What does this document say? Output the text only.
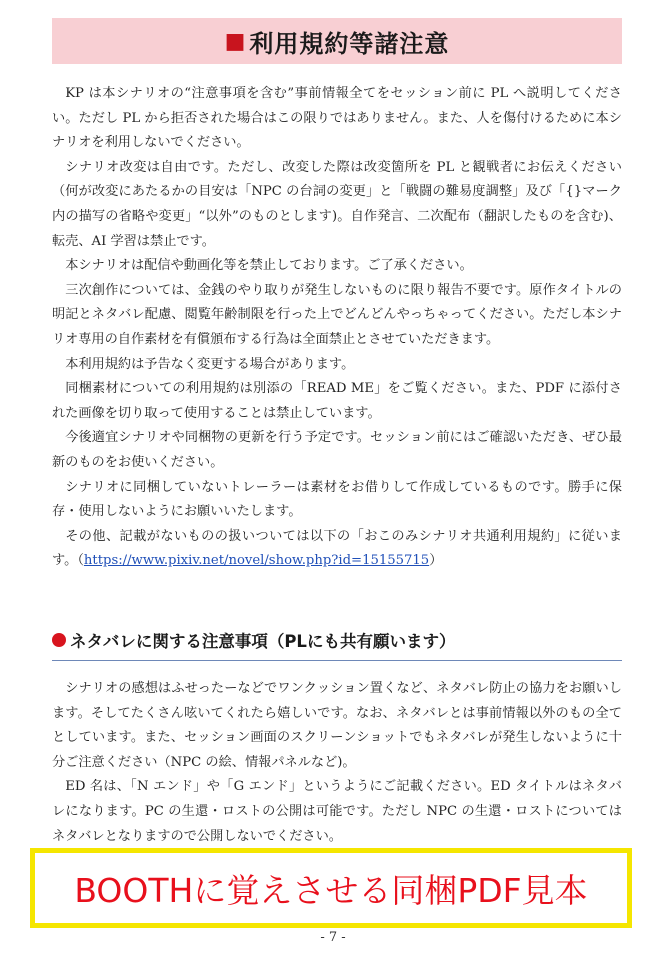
■ 利用規約等諸注意

KP は本シナリオの“注意事項を含む”事前情報全てをセッション前に PL へ説明してください。ただし PL から拒否された場合はこの限りではありません。また、人を傷付けるために本シナリオを利用しないでください。

シナリオ改変は自由です。ただし、改変した際は改変箇所を PL と観戦者にお伝えください（何が改変にあたるかの目安は「NPC の台詞の変更」と「戦闘の難易度調整」及び「{}マーク内の描写の省略や変更」“以外”のものとします)。自作発言、二次配布（翻訳したものを含む)、転売、AI 学習は禁止です。

本シナリオは配信や動画化等を禁止しております。ご了承ください。

三次創作については、金銭のやり取りが発生しないものに限り報告不要です。原作タイトルの明記とネタバレ配慮、閲覧年齢制限を行った上でどんどんやっちゃってください。ただし本シナリオ専用の自作素材を有償頒布する行為は全面禁止とさせていただきます。

本利用規約は予告なく変更する場合があります。

同梱素材についての利用規約は別添の「READ ME」をご覧ください。また、PDF に添付された画像を切り取って使用することは禁止しています。

今後適宜シナリオや同梱物の更新を行う予定です。セッション前にはご確認いただき、ぜひ最新のものをお使いください。

シナリオに同梱していないトレーラーは素材をお借りして作成しているものです。勝手に保存・使用しないようにお願いいたします。

その他、記載がないものの扱いついては以下の「おこのみシナリオ共通利用規約」に従います。（https://www.pixiv.net/novel/show.php?id=15155715）

ネタバレに関する注意事項（PLにも共有願います）

シナリオの感想はふせったーなどでワンクッション置くなど、ネタバレ防止の協力をお願いします。そしてたくさん呟いてくれたら嬉しいです。なお、ネタバレとは事前情報以外のもの全てとしています。また、セッション画面のスクリーンショットでもネタバレが発生しないように十分ご注意ください（NPC の絵、情報パネルなど)。

ED 名は、「N エンド」や「G エンド」というようにご記載ください。ED タイトルはネタバレになります。PC の生還・ロストの公開は可能です。ただし NPC の生還・ロストについてはネタバレとなりますので公開しないでください。

BOOTHに覚えさせる同梱PDF見本
- 7 -
